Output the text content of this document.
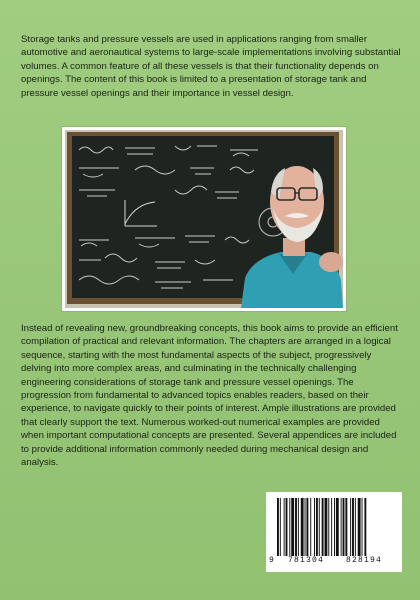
Storage tanks and pressure vessels are used in applications ranging from smaller automotive and aeronautical systems to large-scale implementations involving substantial volumes. A common feature of all these vessels is that their functionality depends on openings. The content of this book is limited to a presentation of storage tank and pressure vessel openings and their importance in vessel design.

Instead of revealing new, groundbreaking concepts, this book aims to provide an efficient compilation of practical and relevant information. The chapters are arranged in a logical sequence, starting with the most fundamental aspects of the subject, progressively delving into more complex areas, and culminating in the technically challenging engineering considerations of storage tank and pressure vessel openings. The progression from fundamental to advanced topics enables readers, based on their experience, to navigate quickly to their points of interest. Ample illustrations are provided that clearly support the text. Numerous worked-out numerical examples are provided when important computational concepts are presented. Several appendices are included to provide additional information commonly needed during mechanical design and analysis.

9 781304	828194
